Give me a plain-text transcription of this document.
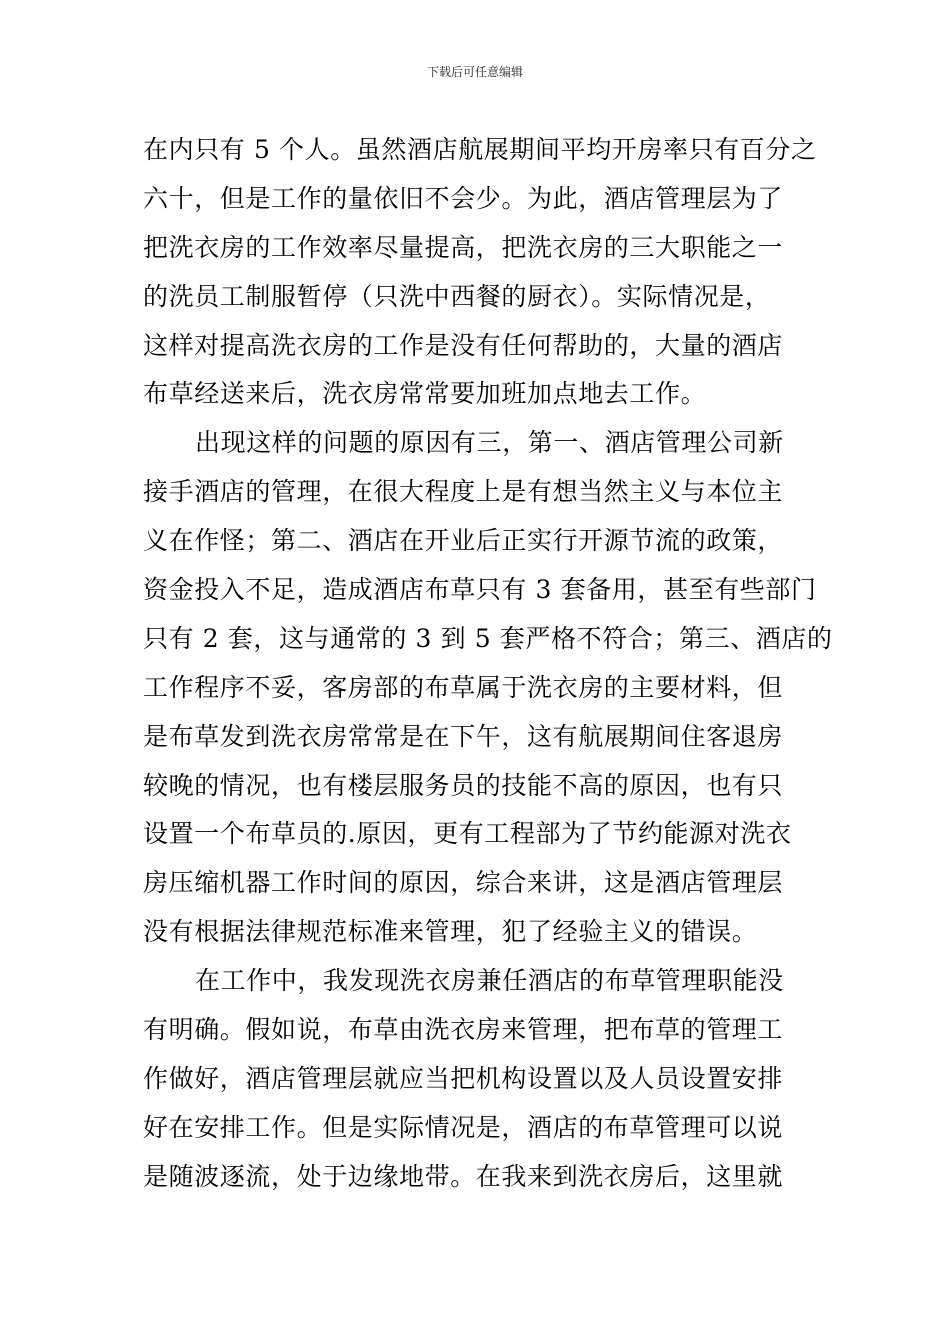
下载后可任意编辑
在内只有 5 个人。虽然酒店航展期间平均开房率只有百分之
六十，但是工作的量依旧不会少。为此，酒店管理层为了
把洗衣房的工作效率尽量提高，把洗衣房的三大职能之一
的洗员工制服暂停（只洗中西餐的厨衣）。实际情况是，
这样对提高洗衣房的工作是没有任何帮助的，大量的酒店
布草经送来后，洗衣房常常要加班加点地去工作。
出现这样的问题的原因有三，第一、酒店管理公司新
接手酒店的管理，在很大程度上是有想当然主义与本位主
义在作怪；第二、酒店在开业后正实行开源节流的政策，
资金投入不足，造成酒店布草只有 3 套备用，甚至有些部门
只有 2 套，这与通常的 3 到 5 套严格不符合；第三、酒店的
工作程序不妥，客房部的布草属于洗衣房的主要材料，但
是布草发到洗衣房常常是在下午，这有航展期间住客退房
较晚的情况，也有楼层服务员的技能不高的原因，也有只
设置一个布草员的.原因，更有工程部为了节约能源对洗衣
房压缩机器工作时间的原因，综合来讲，这是酒店管理层
没有根据法律规范标准来管理，犯了经验主义的错误。
在工作中，我发现洗衣房兼任酒店的布草管理职能没
有明确。假如说，布草由洗衣房来管理，把布草的管理工
作做好，酒店管理层就应当把机构设置以及人员设置安排
好在安排工作。但是实际情况是，酒店的布草管理可以说
是随波逐流，处于边缘地带。在我来到洗衣房后，这里就
